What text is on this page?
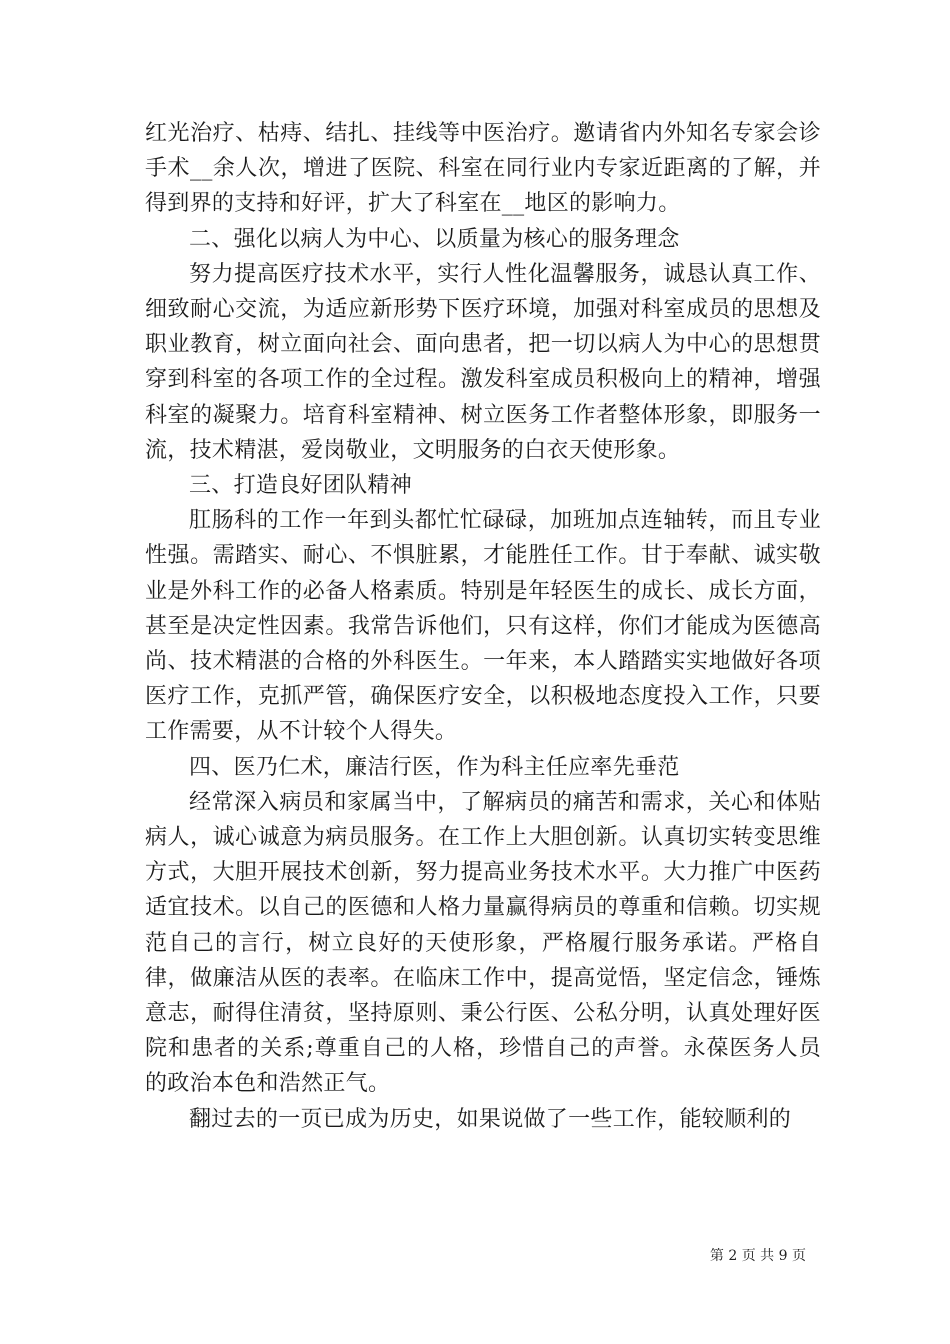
红光治疗、枯痔、结扎、挂线等中医治疗。邀请省内外知名专家会诊手术__余人次，增进了医院、科室在同行业内专家近距离的了解，并得到界的支持和好评，扩大了科室在__地区的影响力。

二、强化以病人为中心、以质量为核心的服务理念

努力提高医疗技术水平，实行人性化温馨服务，诚恳认真工作、细致耐心交流，为适应新形势下医疗环境，加强对科室成员的思想及职业教育，树立面向社会、面向患者，把一切以病人为中心的思想贯穿到科室的各项工作的全过程。激发科室成员积极向上的精神，增强科室的凝聚力。培育科室精神、树立医务工作者整体形象，即服务一流，技术精湛，爱岗敬业，文明服务的白衣天使形象。

三、打造良好团队精神

肛肠科的工作一年到头都忙忙碌碌，加班加点连轴转，而且专业性强。需踏实、耐心、不惧脏累，才能胜任工作。甘于奉献、诚实敬业是外科工作的必备人格素质。特别是年轻医生的成长、成长方面，甚至是决定性因素。我常告诉他们，只有这样，你们才能成为医德高尚、技术精湛的合格的外科医生。一年来，本人踏踏实实地做好各项医疗工作，克抓严管，确保医疗安全，以积极地态度投入工作，只要工作需要，从不计较个人得失。

四、医乃仁术，廉洁行医，作为科主任应率先垂范

经常深入病员和家属当中，了解病员的痛苦和需求，关心和体贴病人，诚心诚意为病员服务。在工作上大胆创新。认真切实转变思维方式，大胆开展技术创新，努力提高业务技术水平。大力推广中医药适宜技术。以自己的医德和人格力量赢得病员的尊重和信赖。切实规范自己的言行，树立良好的天使形象，严格履行服务承诺。严格自律，做廉洁从医的表率。在临床工作中，提高觉悟，坚定信念，锤炼意志，耐得住清贫，坚持原则、秉公行医、公私分明，认真处理好医院和患者的关系;尊重自己的人格，珍惜自己的声誉。永葆医务人员的政治本色和浩然正气。

翻过去的一页已成为历史，如果说做了一些工作，能较顺利的

第 2 页 共 9 页
